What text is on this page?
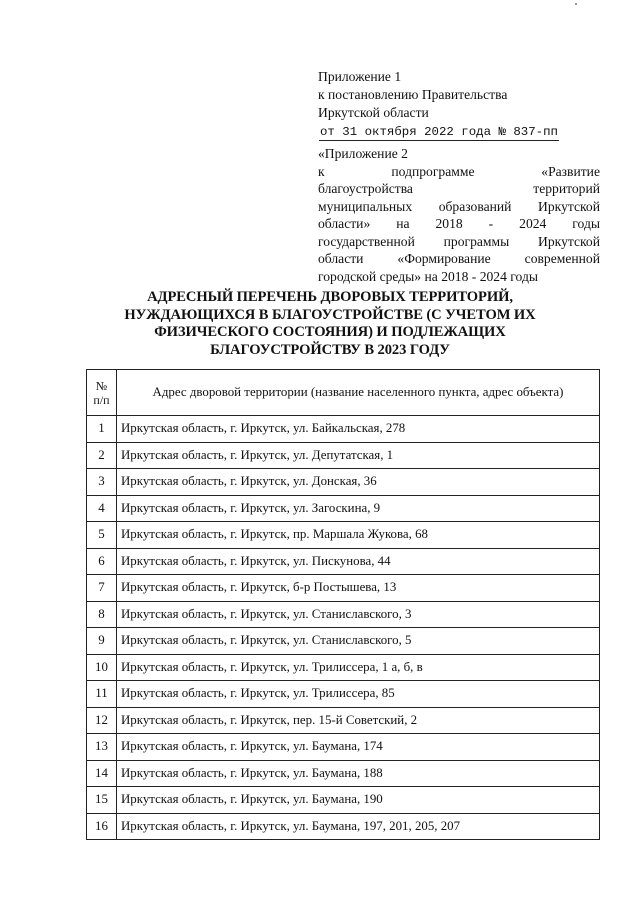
Приложение 1
к постановлению Правительства
Иркутской области
от 31 октября 2022 года № 837-пп
«Приложение 2
к подпрограмме «Развитие
благоустройства территорий
муниципальных образований Иркутской
области» на 2018 - 2024 годы
государственной программы Иркутской
области «Формирование современной
городской среды» на 2018 - 2024 годы
АДРЕСНЫЙ ПЕРЕЧЕНЬ ДВОРОВЫХ ТЕРРИТОРИЙ,
НУЖДАЮЩИХСЯ В БЛАГОУСТРОЙСТВЕ (С УЧЕТОМ ИХ
ФИЗИЧЕСКОГО СОСТОЯНИЯ) И ПОДЛЕЖАЩИХ
БЛАГОУСТРОЙСТВУ В 2023 ГОДУ
№
п/п	Адрес дворовой территории (название населенного пункта, адрес объекта)
1	Иркутская область, г. Иркутск, ул. Байкальская, 278
2	Иркутская область, г. Иркутск, ул. Депутатская, 1
3	Иркутская область, г. Иркутск, ул. Донская, 36
4	Иркутская область, г. Иркутск, ул. Загоскина, 9
5	Иркутская область, г. Иркутск, пр. Маршала Жукова, 68
6	Иркутская область, г. Иркутск, ул. Пискунова, 44
7	Иркутская область, г. Иркутск, б-р Постышева, 13
8	Иркутская область, г. Иркутск, ул. Станиславского, 3
9	Иркутская область, г. Иркутск, ул. Станиславского, 5
10	Иркутская область, г. Иркутск, ул. Трилиссера, 1 а, б, в
11	Иркутская область, г. Иркутск, ул. Трилиссера, 85
12	Иркутская область, г. Иркутск, пер. 15-й Советский, 2
13	Иркутская область, г. Иркутск, ул. Баумана, 174
14	Иркутская область, г. Иркутск, ул. Баумана, 188
15	Иркутская область, г. Иркутск, ул. Баумана, 190
16	Иркутская область, г. Иркутск, ул. Баумана, 197, 201, 205, 207
